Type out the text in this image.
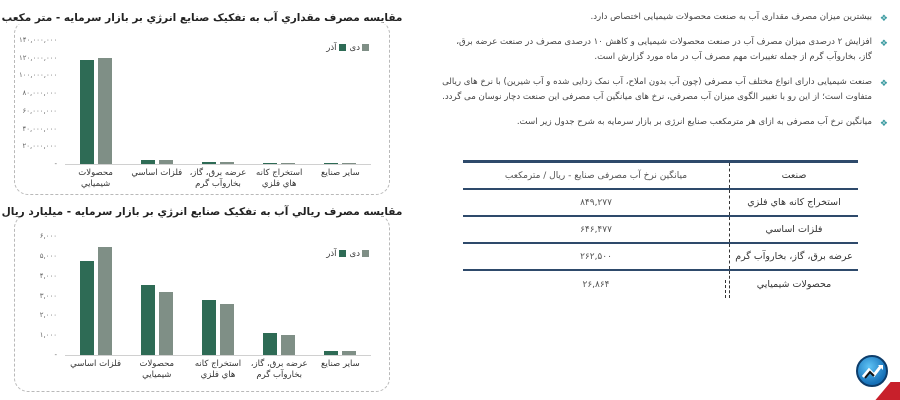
مقایسه مصرف مقداري آب به تفکیک صنایع انرژي بر بازار سرمایه - متر مکعب
دی
آذر
-
۲۰,۰۰۰,۰۰۰
۴۰,۰۰۰,۰۰۰
۶۰,۰۰۰,۰۰۰
۸۰,۰۰۰,۰۰۰
۱۰۰,۰۰۰,۰۰۰
۱۲۰,۰۰۰,۰۰۰
۱۴۰,۰۰۰,۰۰۰
محصولات شیمیایي
فلزات اساسي عرضه برق، گاز، بخاروآب گرم
استخراج کانه هاي فلزي
سایر صنایع
مقایسه مصرف ریالي آب به تفکیک صنایع انرژي بر بازار سرمایه - میلیارد ریال
دی
آذر
-
۱,۰۰۰
۲,۰۰۰
۳,۰۰۰
۴,۰۰۰
۵,۰۰۰
۶,۰۰۰
فلزات اساسي	محصولات شیمیایي
استخراج کانه هاي فلزي
عرضه برق، گاز، بخاروآب گرم
سایر صنایع
❖
بیشترین میزان مصرف مقداری آب به صنعت محصولات شیمیایی اختصاص دارد.
❖
افزایش ۲ درصدی میزان مصرف آب در صنعت محصولات شیمیایی و کاهش ۱۰ درصدی مصرف در صنعت عرضه برق، گاز، بخاروآب گرم از جمله تغییرات مهم مصرف آب در ماه مورد گزارش است.
❖
صنعت شیمیایی دارای انواع مختلف آب مصرفی (چون آب بدون املاح، آب نمک زدایی شده و آب شیرین) با نرخ های ریالی متفاوت است؛ از این رو با تغییر الگوی میزان آب مصرفی، نرخ های میانگین آب مصرفی این صنعت دچار نوسان می گردد.
❖
میانگین نرخ آب مصرفی به ازای هر مترمکعب صنایع انرژی بر بازار سرمایه به شرح جدول زیر است.
صنعت
میانگین نرخ آب مصرفی صنایع - ریال / مترمکعب
استخراج کانه هاي فلزي
۸۴۹,۲۷۷
فلزات اساسي
۶۴۶,۴۷۷
عرضه برق، گاز، بخاروآب گرم
۲۶۲,۵۰۰
محصولات شیمیایي
۲۶,۸۶۴
